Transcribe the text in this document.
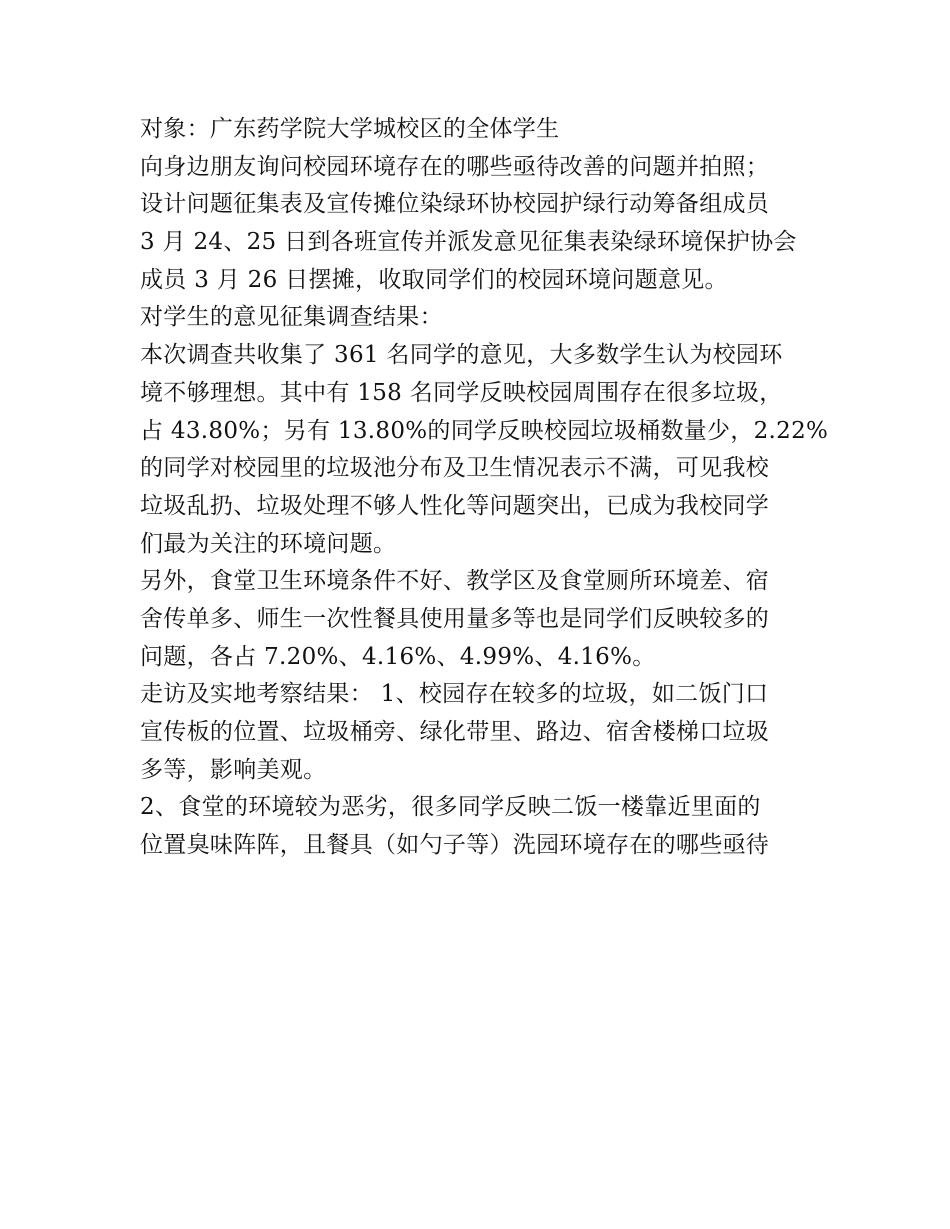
对象：广东药学院大学城校区的全体学生
向身边朋友询问校园环境存在的哪些亟待改善的问题并拍照；
设计问题征集表及宣传摊位染绿环协校园护绿行动筹备组成员
3 月 24、25 日到各班宣传并派发意见征集表染绿环境保护协会
成员 3 月 26 日摆摊，收取同学们的校园环境问题意见。
对学生的意见征集调查结果：
本次调查共收集了 361 名同学的意见，大多数学生认为校园环
境不够理想。其中有 158 名同学反映校园周围存在很多垃圾，
占 43.80%；另有 13.80%的同学反映校园垃圾桶数量少，2.22%
的同学对校园里的垃圾池分布及卫生情况表示不满，可见我校
垃圾乱扔、垃圾处理不够人性化等问题突出，已成为我校同学
们最为关注的环境问题。
另外，食堂卫生环境条件不好、教学区及食堂厕所环境差、宿
舍传单多、师生一次性餐具使用量多等也是同学们反映较多的
问题，各占 7.20%、4.16%、4.99%、4.16%。
走访及实地考察结果： 1、校园存在较多的垃圾，如二饭门口
宣传板的位置、垃圾桶旁、绿化带里、路边、宿舍楼梯口垃圾
多等，影响美观。
2、食堂的环境较为恶劣，很多同学反映二饭一楼靠近里面的
位置臭味阵阵，且餐具（如勺子等）洗园环境存在的哪些亟待
